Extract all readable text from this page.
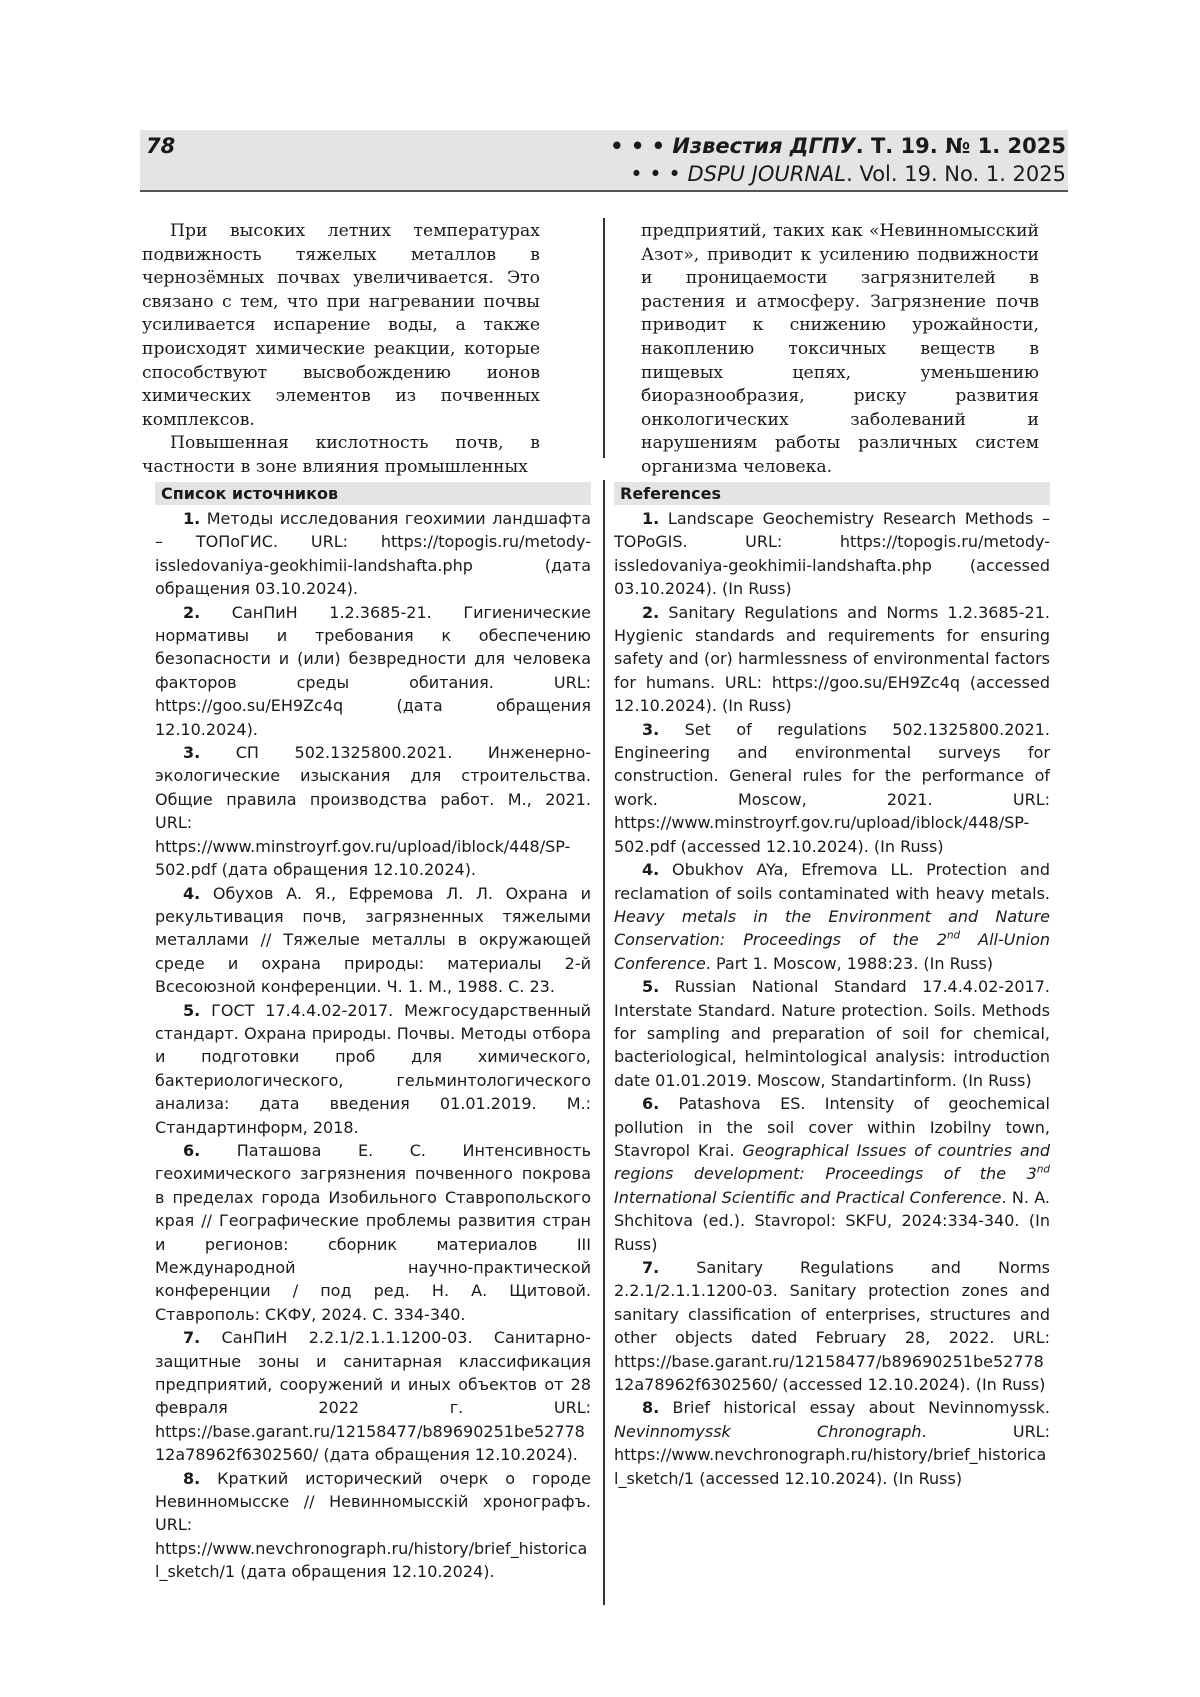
78	• • • Известия ДГПУ. Т. 19. № 1. 2025
• • • DSPU JOURNAL. Vol. 19. No. 1. 2025

При высоких летних температурах подвижность тяжелых металлов в чернозёмных почвах увеличивается. Это связано с тем, что при нагревании почвы усиливается испарение воды, а также происходят химические реакции, которые способствуют высвобождению ионов химических элементов из почвенных комплексов.

Повышенная кислотность почв, в частности в зоне влияния промышленных

предприятий, таких как «Невинномысский Азот», приводит к усилению подвижности и проницаемости загрязнителей в растения и атмосферу. Загрязнение почв приводит к снижению урожайности, накоплению токсичных веществ в пищевых цепях, уменьшению биоразнообразия, риску развития онкологических заболеваний и нарушениям работы различных систем организма человека.

Список источников

1. Методы исследования геохимии ландшафта – ТОПоГИС. URL: https://topogis.ru/metody-issledovaniya-geokhimii-landshafta.php (дата обращения 03.10.2024).

2. СанПиН 1.2.3685-21. Гигиенические нормативы и требования к обеспечению безопасности и (или) безвредности для человека факторов среды обитания. URL: https://goo.su/EH9Zc4q (дата обращения 12.10.2024).

3. СП 502.1325800.2021. Инженерно-экологические изыскания для строительства. Общие правила производства работ. М., 2021. URL: https://www.minstroyrf.gov.ru/upload/iblock/448/SP-502.pdf (дата обращения 12.10.2024).

4. Обухов А. Я., Ефремова Л. Л. Охрана и рекультивация почв, загрязненных тяжелыми металлами // Тяжелые металлы в окружающей среде и охрана природы: материалы 2-й Всесоюзной конференции. Ч. 1. М., 1988. С. 23.

5. ГОСТ 17.4.4.02-2017. Межгосударственный стандарт. Охрана природы. Почвы. Методы отбора и подготовки проб для химического, бактериологического, гельминтологического анализа: дата введения 01.01.2019. М.: Стандартинформ, 2018.

6. Паташова Е. С. Интенсивность геохимического загрязнения почвенного покрова в пределах города Изобильного Ставропольского края // Географические проблемы развития стран и регионов: сборник материалов III Международной научно-практической конференции / под ред. Н. А. Щитовой. Ставрополь: СКФУ, 2024. С. 334-340.

7. СанПиН 2.2.1/2.1.1.1200-03. Санитарно-защитные зоны и санитарная классификация предприятий, сооружений и иных объектов от 28 февраля 2022 г. URL: https://base.garant.ru/12158477/b89690251be5277812a78962f6302560/ (дата обращения 12.10.2024).

8. Краткий исторический очерк о городе Невинномысске // Невинномысскій хронографъ. URL: https://www.nevchronograph.ru/history/brief_historical_sketch/1 (дата обращения 12.10.2024).

References

1. Landscape Geochemistry Research Methods – TOPoGIS. URL: https://topogis.ru/metody-issledovaniya-geokhimii-landshafta.php (accessed 03.10.2024). (In Russ)

2. Sanitary Regulations and Norms 1.2.3685-21. Hygienic standards and requirements for ensuring safety and (or) harmlessness of environmental factors for humans. URL: https://goo.su/EH9Zc4q (accessed 12.10.2024). (In Russ)

3. Set of regulations 502.1325800.2021. Engineering and environmental surveys for construction. General rules for the performance of work. Moscow, 2021. URL: https://www.minstroyrf.gov.ru/upload/iblock/448/SP-502.pdf (accessed 12.10.2024). (In Russ)

4. Obukhov AYa, Efremova LL. Protection and reclamation of soils contaminated with heavy metals. Heavy metals in the Environment and Nature Conservation: Proceedings of the 2nd All-Union Conference. Part 1. Moscow, 1988:23. (In Russ)

5. Russian National Standard 17.4.4.02-2017. Interstate Standard. Nature protection. Soils. Methods for sampling and preparation of soil for chemical, bacteriological, helmintological analysis: introduction date 01.01.2019. Moscow, Standartinform. (In Russ)

6. Patashova ES. Intensity of geochemical pollution in the soil cover within Izobilny town, Stavropol Krai. Geographical Issues of countries and regions development: Proceedings of the 3nd International Scientific and Practical Conference. N. A. Shchitova (ed.). Stavropol: SKFU, 2024:334-340. (In Russ)

7. Sanitary Regulations and Norms 2.2.1/2.1.1.1200-03. Sanitary protection zones and sanitary classification of enterprises, structures and other objects dated February 28, 2022. URL: https://base.garant.ru/12158477/b89690251be5277812a78962f6302560/ (accessed 12.10.2024). (In Russ)

8. Brief historical essay about Nevinnomyssk. Nevinnomyssk Chronograph. URL: https://www.nevchronograph.ru/history/brief_historical_sketch/1 (accessed 12.10.2024). (In Russ)
